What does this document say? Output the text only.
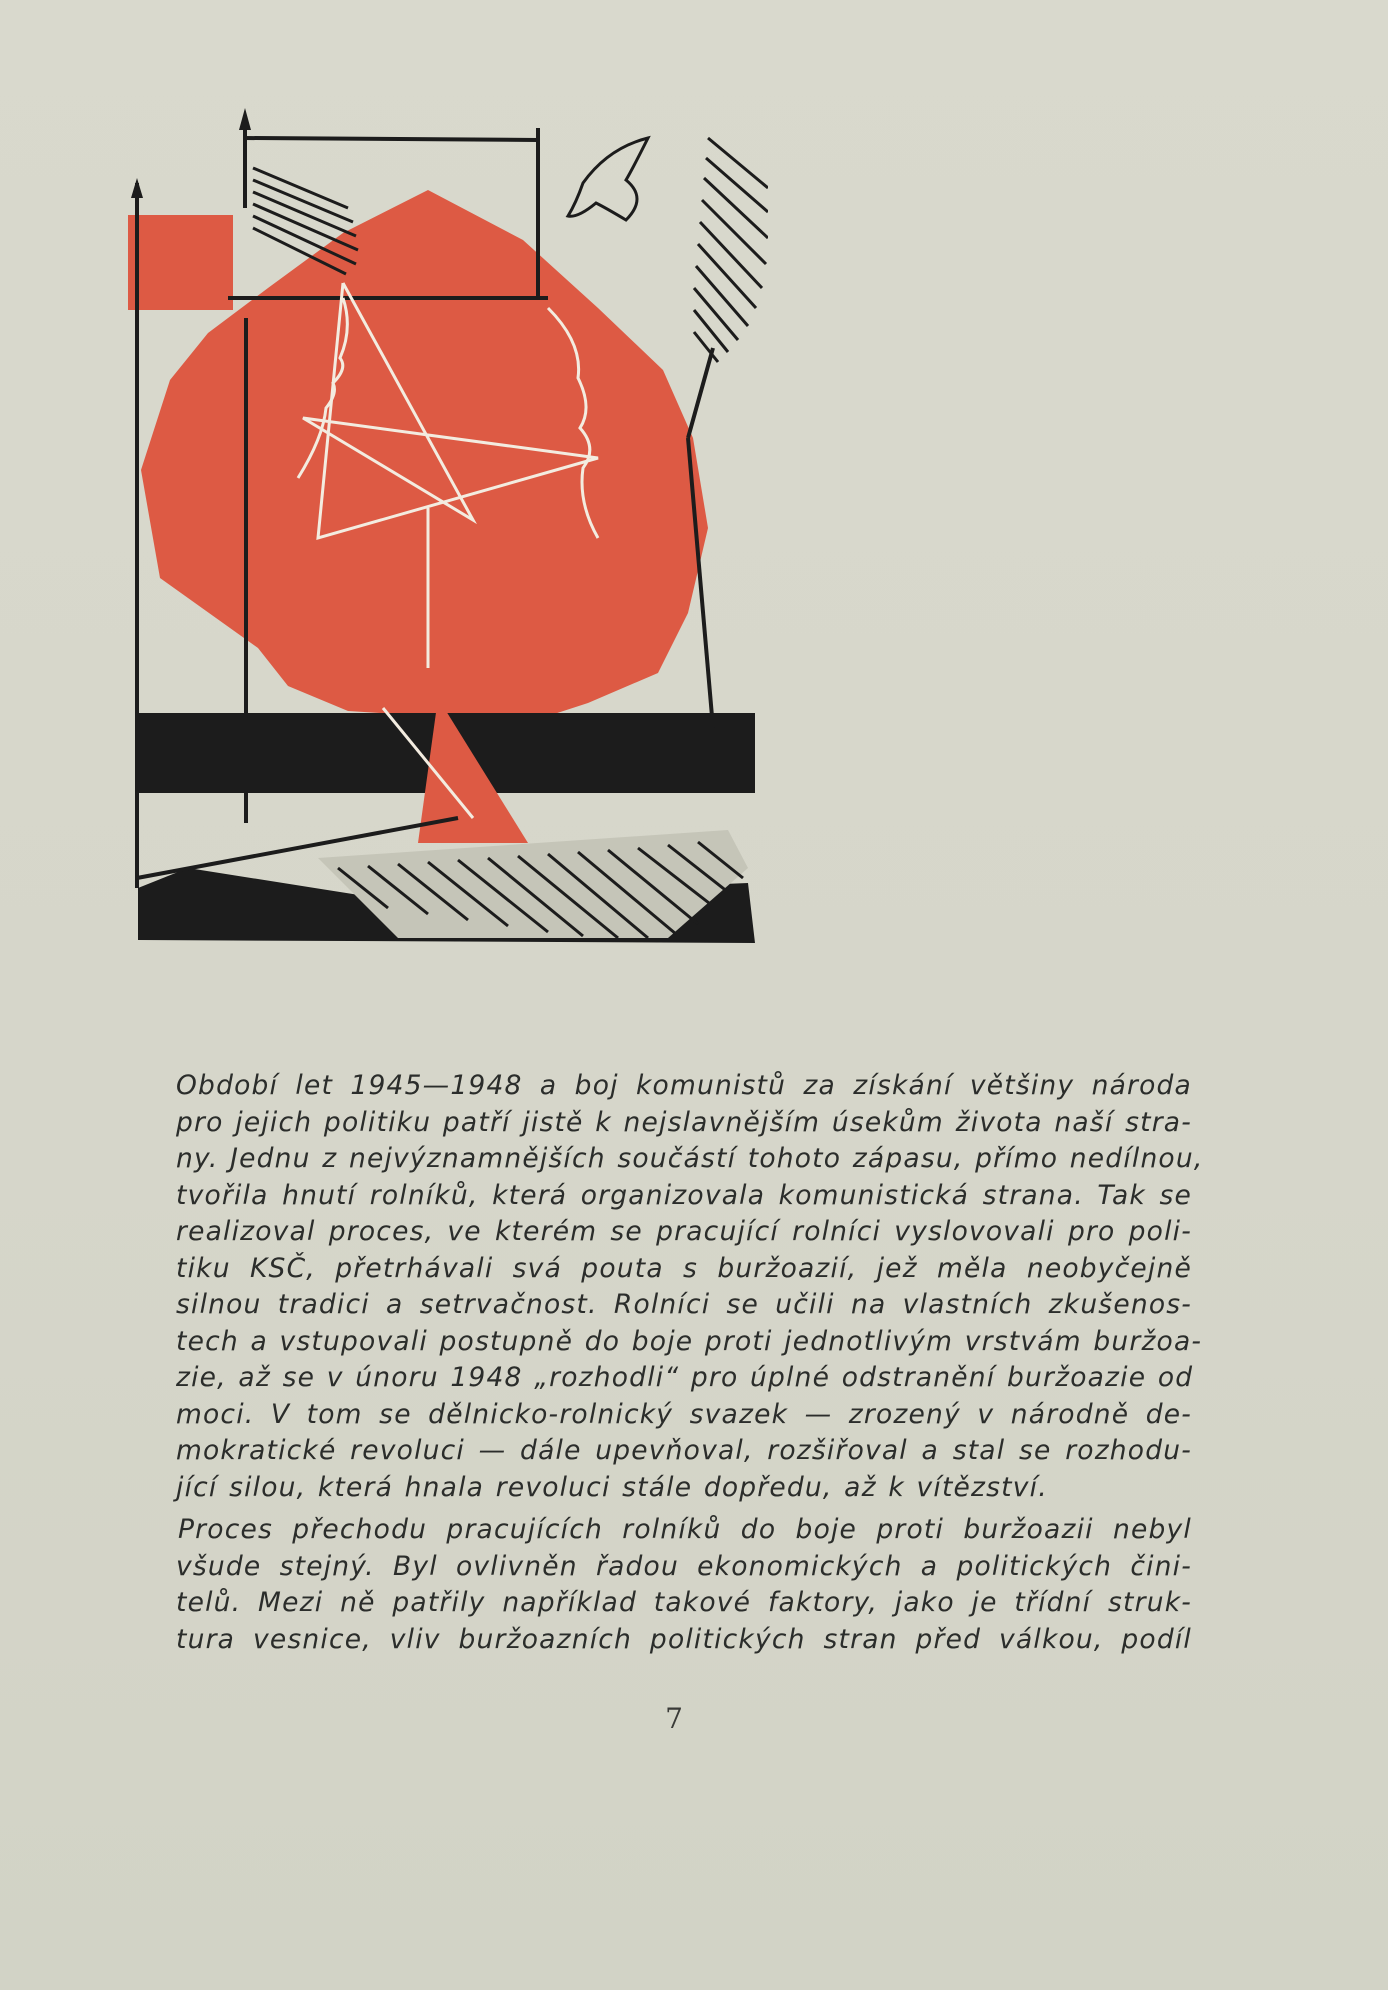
Období let 1945—1948 a boj komunistů za získání většiny národa
pro jejich politiku patří jistě k nejslavnějším úsekům života naší stra-
ny. Jednu z nejvýznamnějších součástí tohoto zápasu, přímo nedílnou,
tvořila hnutí rolníků, která organizovala komunistická strana. Tak se
realizoval proces, ve kterém se pracující rolníci vyslovovali pro poli-
tiku KSČ, přetrhávali svá pouta s buržoazií, jež měla neobyčejně
silnou tradici a setrvačnost. Rolníci se učili na vlastních zkušenos-
tech a vstupovali postupně do boje proti jednotlivým vrstvám buržoa-
zie, až se v únoru 1948 „rozhodli“ pro úplné odstranění buržoazie od
moci. V tom se dělnicko-rolnický svazek — zrozený v národně de-
mokratické revoluci — dále upevňoval, rozšiřoval a stal se rozhodu-
jící silou, která hnala revoluci stále dopředu, až k vítězství.
Proces přechodu pracujících rolníků do boje proti buržoazii nebyl
všude stejný. Byl ovlivněn řadou ekonomických a politických čini-
telů. Mezi ně patřily například takové faktory, jako je třídní struk-
tura vesnice, vliv buržoazních politických stran před válkou, podíl
7
